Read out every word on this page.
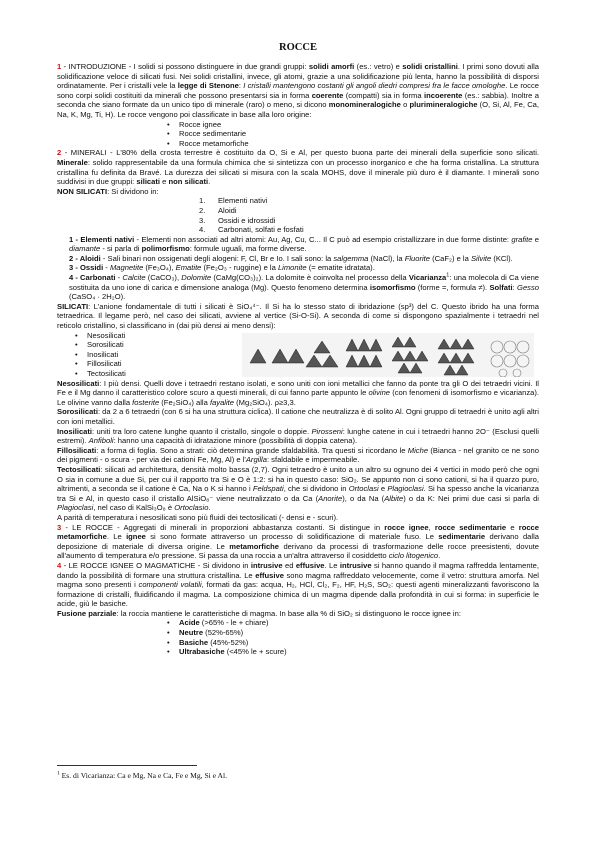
ROCCE

1 - INTRODUZIONE - I solidi si possono distinguere in due grandi gruppi: solidi amorfi (es.: vetro) e solidi cristallini. I primi sono dovuti alla solidificazione veloce di silicati fusi. Nei solidi cristallini, invece, gli atomi, grazie a una solidificazione più lenta, hanno la possibilità di disporsi ordinatamente. Per i cristalli vele la legge di Stenone: I cristalli mantengono costanti gli angoli diedri compresi fra le facce omologhe. Le rocce sono corpi solidi costituiti da minerali che possono presentarsi sia in forma coerente (compatti) sia in forma incoerente (es.: sabbia). Inoltre a seconda che siano formate da un unico tipo di minerale (raro) o meno, si dicono monomineralogiche o plurimineralogiche (O, Si, Al, Fe, Ca, Na, K, Mg, Ti, H). Le rocce vengono poi classificate in base alla loro origine:

• Rocce ignee
• Rocce sedimentarie
• Rocce metamorfiche

2 - MINERALI - L'80% della crosta terrestre è costituito da O, Si e Al, per questo buona parte dei minerali della superficie sono silicati. Minerale: solido rappresentabile da una formula chimica che si sintetizza con un processo inorganico e che ha forma cristallina. La struttura cristallina fu definita da Bravé. La durezza dei silicati si misura con la scala MOHS, dove il minerale più duro è il diamante. I minerali sono suddivisi in due gruppi: silicati e non silicati.

NON SILICATI: Si dividono in:

1.      Elementi nativi
2.      Aloidi
3.      Ossidi e idrossidi
4.      Carbonati, solfati e fosfati

1 - Elementi nativi - Elementi non associati ad altri atomi: Au, Ag, Cu, C... Il C può ad esempio cristallizzare in due forme distinte: grafite e diamante - si parla di polimorfismo: formule uguali, ma forme diverse.

2 - Aloidi - Sali binari non ossigenati degli alogeni: F, Cl, Br e Io. I sali sono: la salgemma (NaCl), la Fluorite (CaF₂) e la Silvite (KCl).

3 - Ossidi - Magnetite (Fe₃O₄), Ematite (Fe₂O₃ - ruggine) e la Limonite (= ematite idratata).

4 - Carbonati - Calcite (CaCO₃), Dolomite (CaMg(CO₃)₂). La dolomite è coinvolta nel processo della Vicarianza$^1$: una molecola di Ca viene sostituita da uno ione di carica e dimensione analoga (Mg). Questo fenomeno determina isomorfismo (forme =, formula ≠). Solfati: Gesso (CaSO₄ · 2H₂O).

SILICATI: L'anione fondamentale di tutti i silicati è SiO₄⁴⁻. Il Si ha lo stesso stato di ibridazione (sp³) del C. Questo ibrido ha una forma tetraedrica. Il legame però, nel caso dei silicati, avviene al vertice (Si-O-Si). A seconda di come si dispongono spazialmente i tetraedri nel reticolo cristallino, si classificano in (dai più densi ai meno densi):

• Nesosilicati
• Sorosilicati
• Inosilicati
• Fillosilicati
• Tectosilicati

Nesosilicati: I più densi. Quelli dove i tetraedri restano isolati, e sono uniti con ioni metallici che fanno da ponte tra gli O dei tetraedri vicini. Il Fe e il Mg danno il caratteristico colore scuro a questi minerali, di cui fanno parte appunto le olivine (con fenomeni di isomorfismo e vicarianza). Le olivine vanno dalla fosterite (Fe₂SiO₄) alla fayalite (Mg₂SiO₄). ρ≥3,3.

Sorosilicati: da 2 a 6 tetraedri (con 6 si ha una struttura ciclica). Il catione che neutralizza è di solito Al. Ogni gruppo di tetraedri è unito agli altri con ioni metallici.

Inosilicati: uniti tra loro catene lunghe quanto il cristallo, singole o doppie. Pirosseni: lunghe catene in cui i tetraedri hanno 2O⁻ (Esclusi quelli estremi). Anfiboli: hanno una capacità di idratazione minore (possibilità di doppia catena).

Fillosilicati: a forma di foglia. Sono a strati: ciò determina grande sfaldabilità. Tra questi si ricordano le Miche (Bianca - nel granito ce ne sono dei pigmenti - o scura - per via dei cationi Fe, Mg, Al) e l'Argilla: sfaldabile e impermeabile.

Tectosilicati: silicati ad architettura, densità molto bassa (2,7). Ogni tetraedro è unito a un altro su ognuno dei 4 vertici in modo però che ogni O sia in comune a due Si, per cui il rapporto tra Si e O è 1:2: si ha in questo caso: SiO₂. Se appunto non ci sono cationi, si ha il quarzo puro, altrimenti, a seconda se il catione è Ca, Na o K si hanno i Feldspati, che si dividono in Ortoclasi e Plagioclasi. Si ha spesso anche la vicarianza tra Si e Al, in questo caso il cristallo AlSiO₈⁻ viene neutralizzato o da Ca (Anorite), o da Na (Albite) o da K: Nei primi due casi si parla di Plagioclasi, nel caso di KalSi₃O₈ è Ortoclasio.

A parità di temperatura i nesosilicati sono più fluidi dei tectosilicati (- densi e - scuri).

3 - LE ROCCE - Aggregati di minerali in proporzioni abbastanza costanti. Si distingue in rocce ignee, rocce sedimentarie e rocce metamorfiche. Le ignee si sono formate attraverso un processo di solidificazione di materiale fuso. Le sedimentarie derivano dalla deposizione di materiale di diversa origine. Le metamorfiche derivano da processi di trasformazione delle rocce preesistenti, dovute all'aumento di temperatura e/o pressione. Si passa da una roccia a un'altra attraverso il cosiddetto ciclo litogenico.

4 - LE ROCCE IGNEE O MAGMATICHE - Si dividono in intrusive ed effusive. Le intrusive si hanno quando il magma raffredda lentamente, dando la possibilità di formare una struttura cristallina. Le effusive sono magma raffreddato velocemente, come il vetro: struttura amorfa. Nel magma sono presenti i componenti volatili, formati da gas: acqua, H₂, HCl, Cl₂, F₂, HF, H₂S, SO₂: questi agenti mineralizzanti favoriscono la formazione di cristalli, fluidificando il magma. La composizione chimica di un magma dipende dalla profondità in cui si forma: in superficie le acide, giù le basiche.

Fusione parziale: la roccia mantiene le caratteristiche di magma. In base alla % di SiO₂ si distinguono le rocce ignee in:

• Acide (>65% - le + chiare)
• Neutre (52%-65%)
• Basiche (45%-52%)
• Ultrabasiche (<45% le + scure)
$^1$ Es. di Vicarianza: Ca e Mg, Na e Ca, Fe e Mg, Si e Al.
